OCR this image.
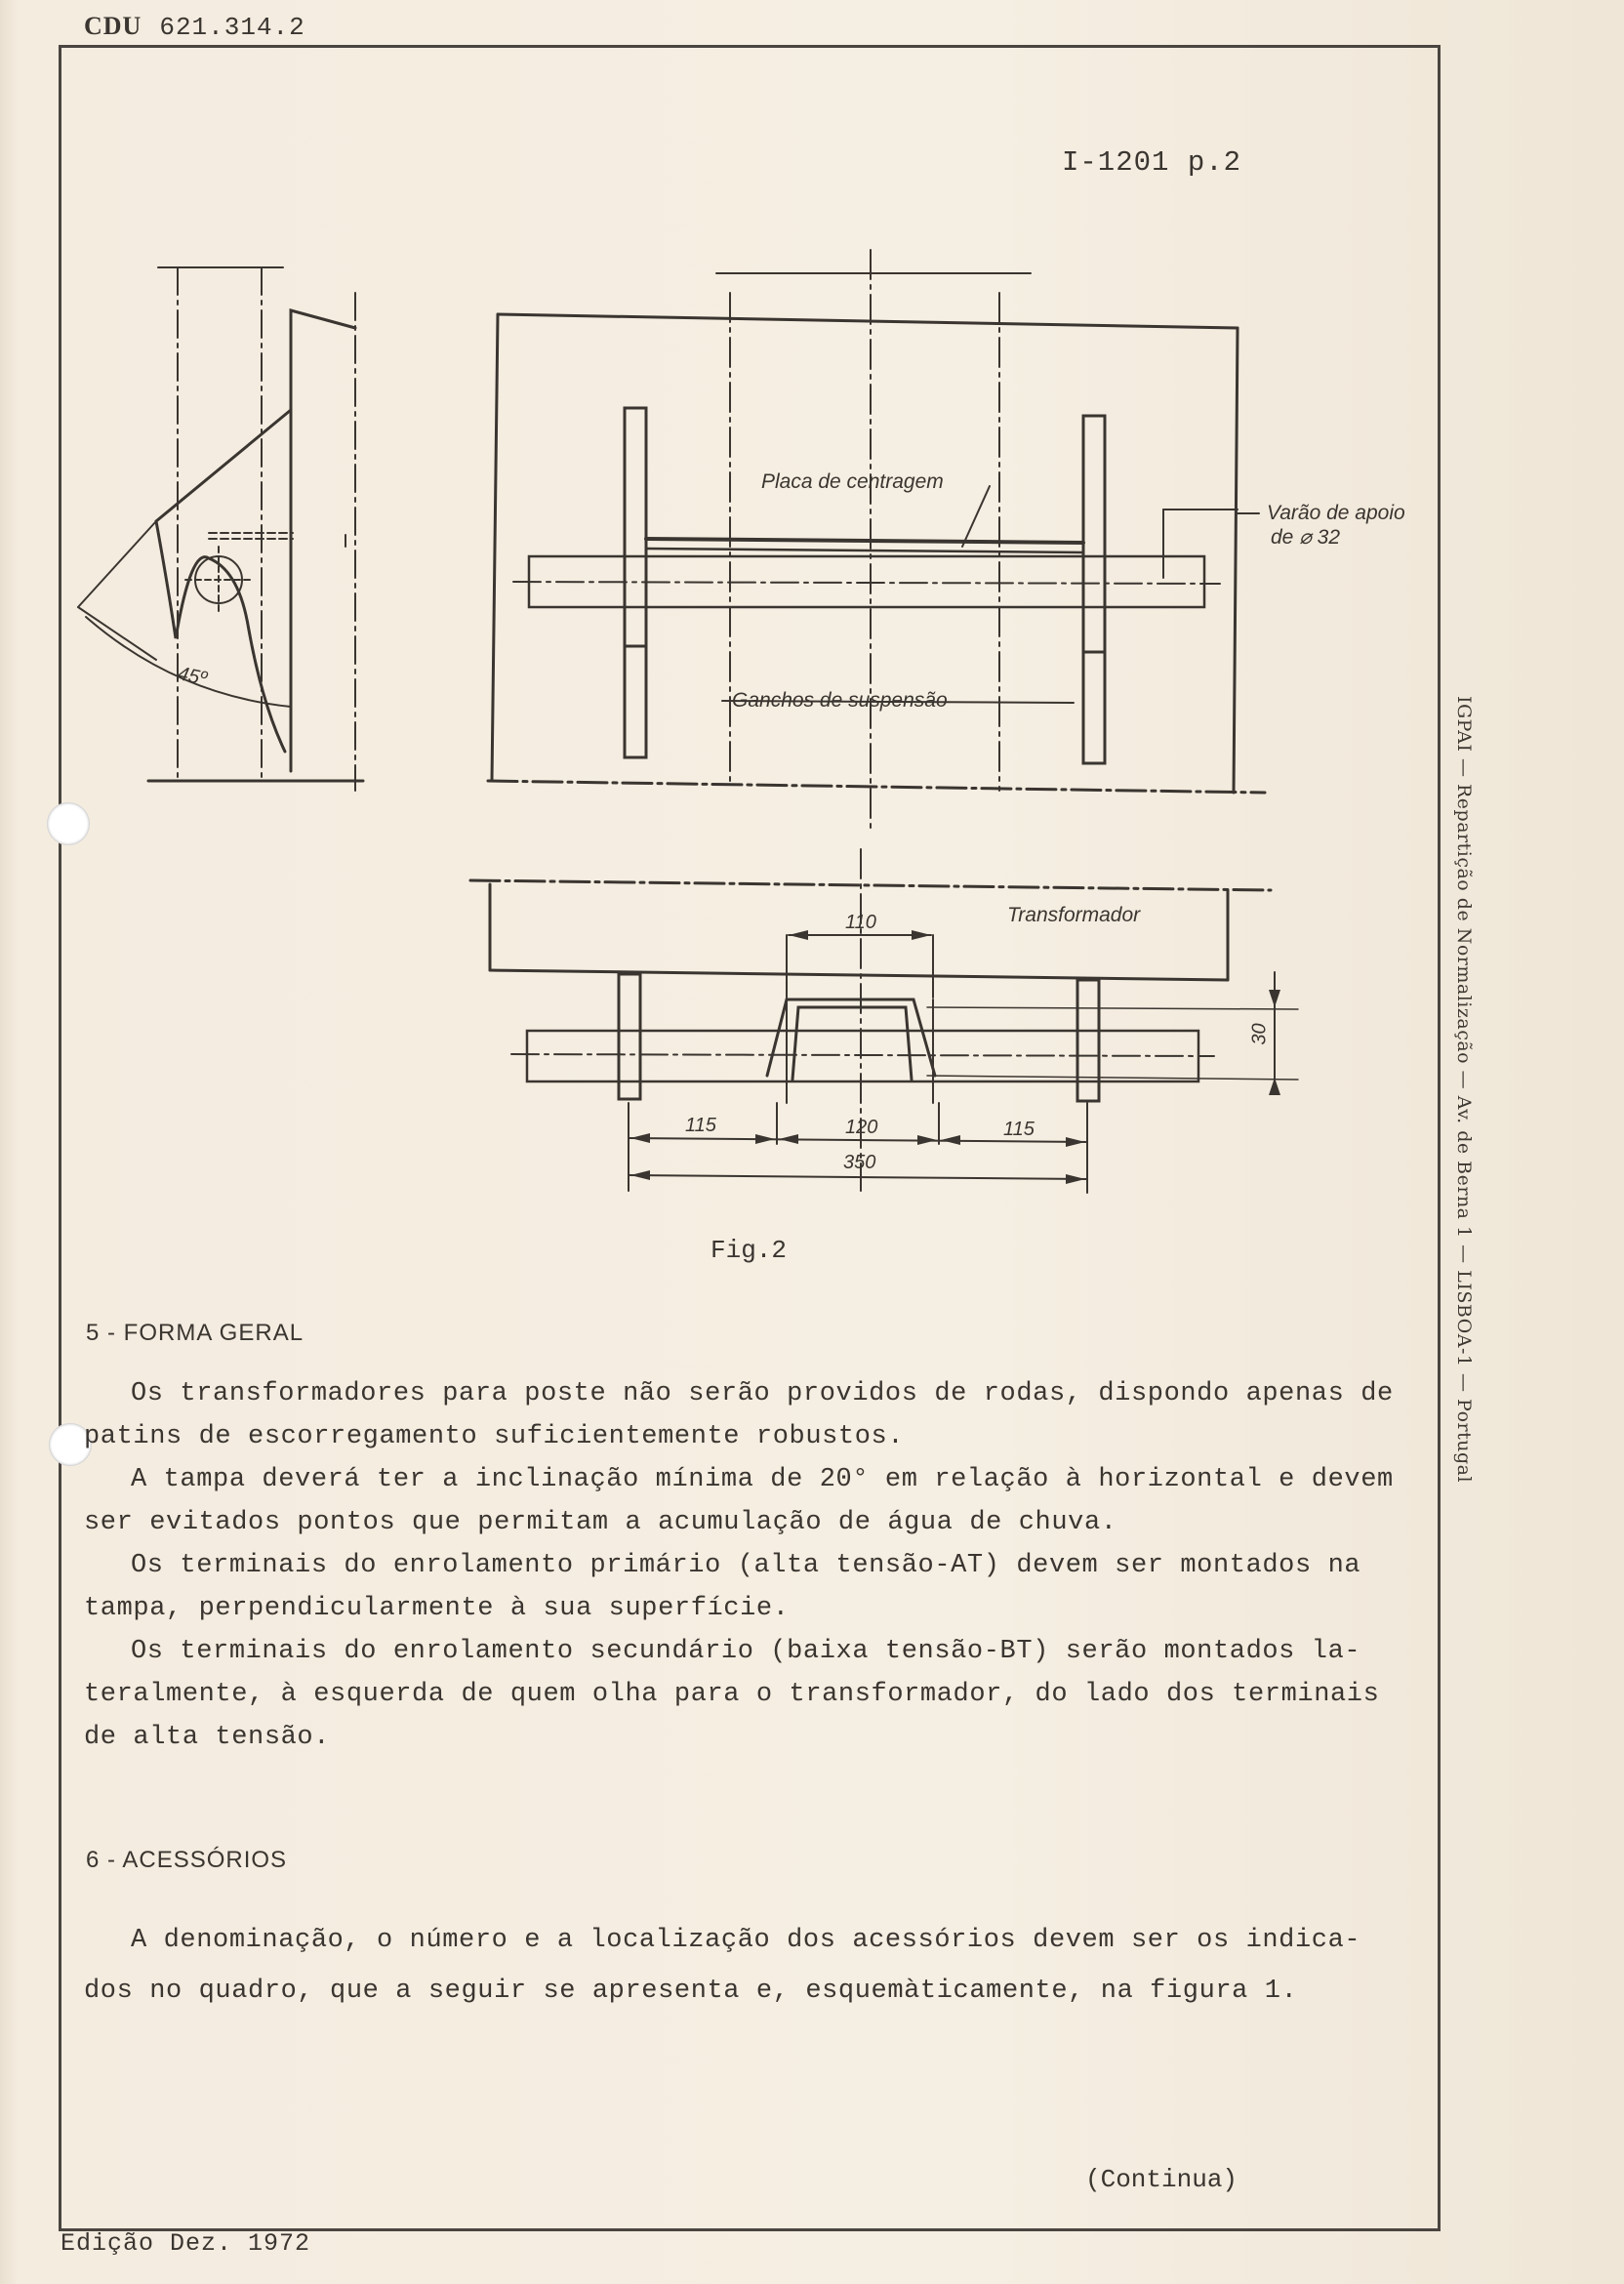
CDU 621.314.2
I-1201 p.2
IGPAI — Repartição de Normalização — Av. de Berna 1 — LISBOA-1 — Portugal
Placa de centragem
Varão de apoio
de ⌀ 32
Ganchos de suspensão
Transformador
45º
110
30
115	120	115
350
Fig.2
5 - FORMA GERAL
Os transformadores para poste não serão providos de rodas, dispondo apenas de
patins de escorregamento suficientemente robustos.
A tampa deverá ter a inclinação mínima de 20° em relação à horizontal e devem
ser evitados pontos que permitam a acumulação de água de chuva.
Os terminais do enrolamento primário (alta tensão-AT) devem ser montados na
tampa, perpendicularmente à sua superfície.
Os terminais do enrolamento secundário (baixa tensão-BT) serão montados la-
teralmente, à esquerda de quem olha para o transformador, do lado dos terminais
de alta tensão.
6 - ACESSÓRIOS
A denominação, o número e a localização dos acessórios devem ser os indica-
dos no quadro, que a seguir se apresenta e, esquemàticamente, na figura 1.
(Continua)
Edição Dez. 1972
